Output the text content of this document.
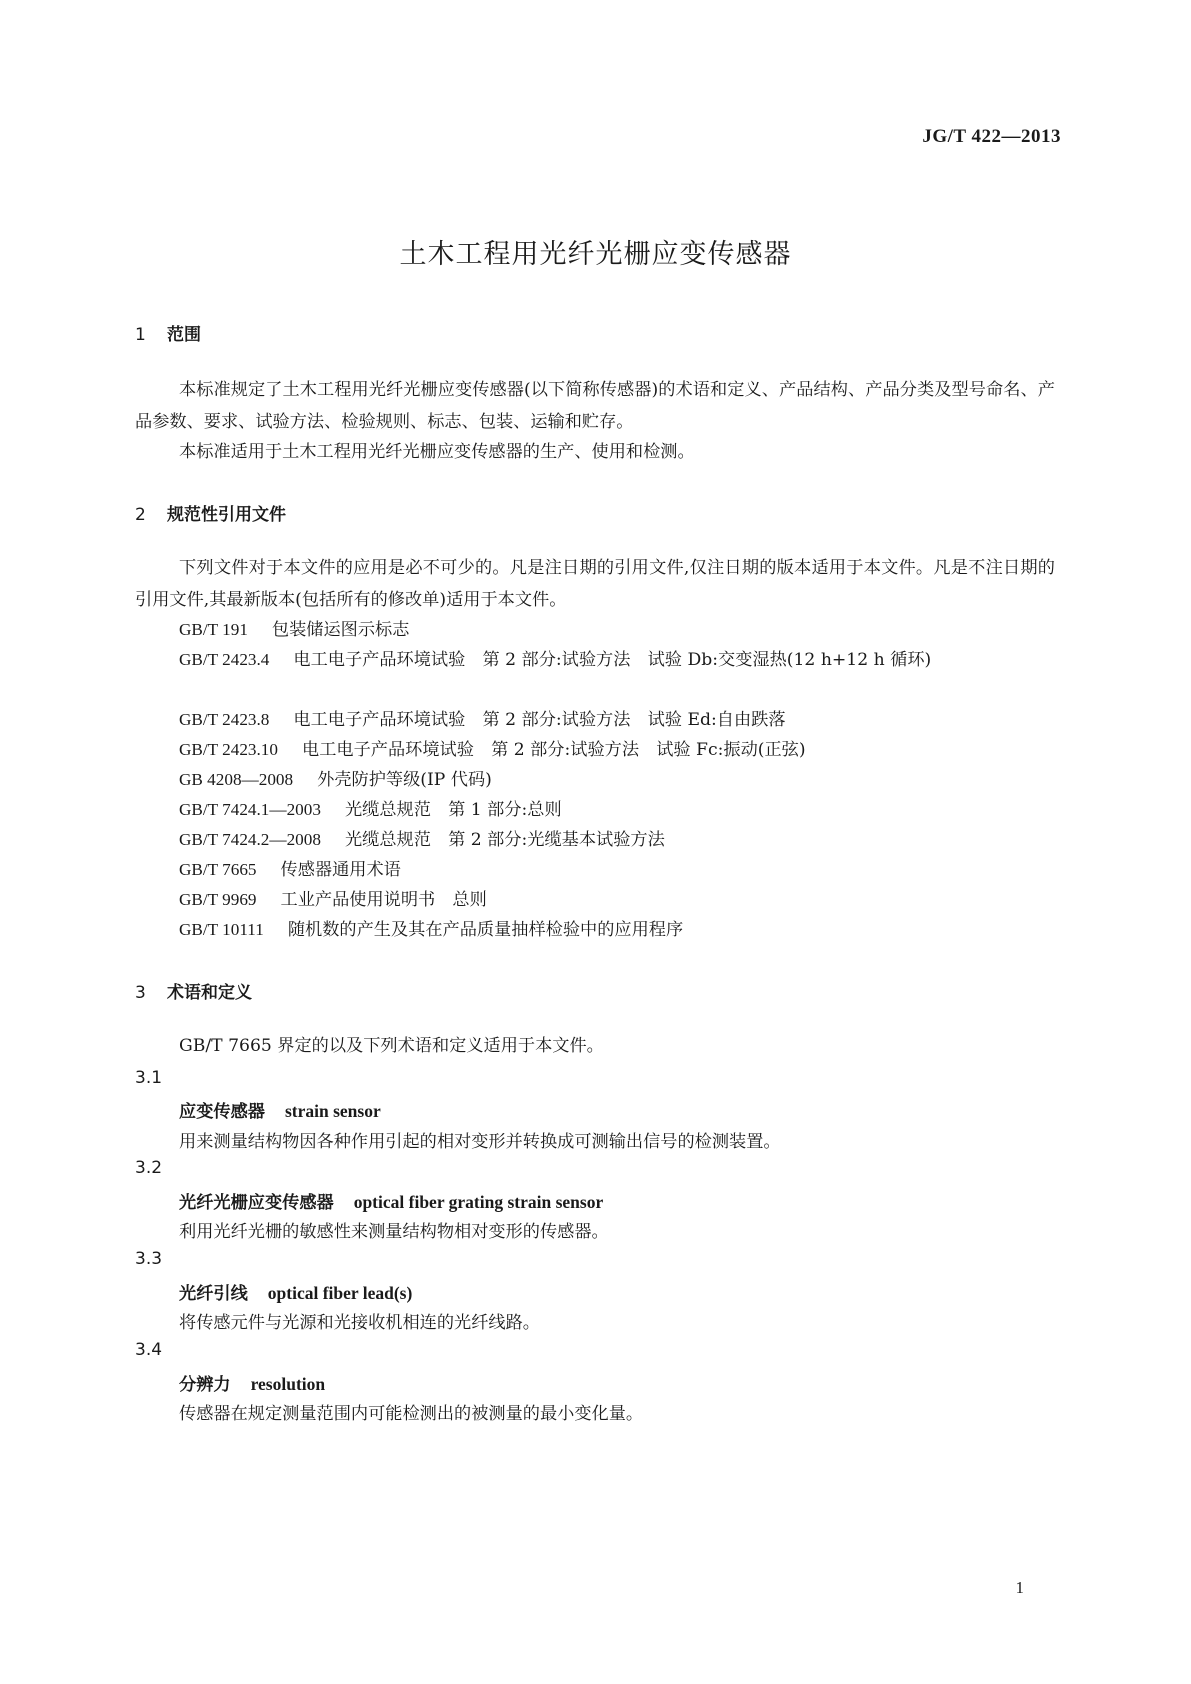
JG/T 422—2013
土木工程用光纤光栅应变传感器
1 范围
本标准规定了土木工程用光纤光栅应变传感器(以下简称传感器)的术语和定义、产品结构、产品分类及型号命名、产品参数、要求、试验方法、检验规则、标志、包装、运输和贮存。
本标准适用于土木工程用光纤光栅应变传感器的生产、使用和检测。
2 规范性引用文件
下列文件对于本文件的应用是必不可少的。凡是注日期的引用文件,仅注日期的版本适用于本文件。凡是不注日期的引用文件,其最新版本(包括所有的修改单)适用于本文件。
GB/T 191 包装储运图示标志
GB/T 2423.4 电工电子产品环境试验　第 2 部分:试验方法　试验 Db:交变湿热(12 h+12 h 循环)
GB/T 2423.8 电工电子产品环境试验　第 2 部分:试验方法　试验 Ed:自由跌落
GB/T 2423.10 电工电子产品环境试验　第 2 部分:试验方法　试验 Fc:振动(正弦)
GB 4208—2008 外壳防护等级(IP 代码)
GB/T 7424.1—2003 光缆总规范　第 1 部分:总则
GB/T 7424.2—2008 光缆总规范　第 2 部分:光缆基本试验方法
GB/T 7665 传感器通用术语
GB/T 9969 工业产品使用说明书　总则
GB/T 10111 随机数的产生及其在产品质量抽样检验中的应用程序
3 术语和定义
GB/T 7665 界定的以及下列术语和定义适用于本文件。
3.1
应变传感器 strain sensor
用来测量结构物因各种作用引起的相对变形并转换成可测输出信号的检测装置。
3.2
光纤光栅应变传感器 optical fiber grating strain sensor
利用光纤光栅的敏感性来测量结构物相对变形的传感器。
3.3
光纤引线 optical fiber lead(s)
将传感元件与光源和光接收机相连的光纤线路。
3.4
分辨力 resolution
传感器在规定测量范围内可能检测出的被测量的最小变化量。
1
